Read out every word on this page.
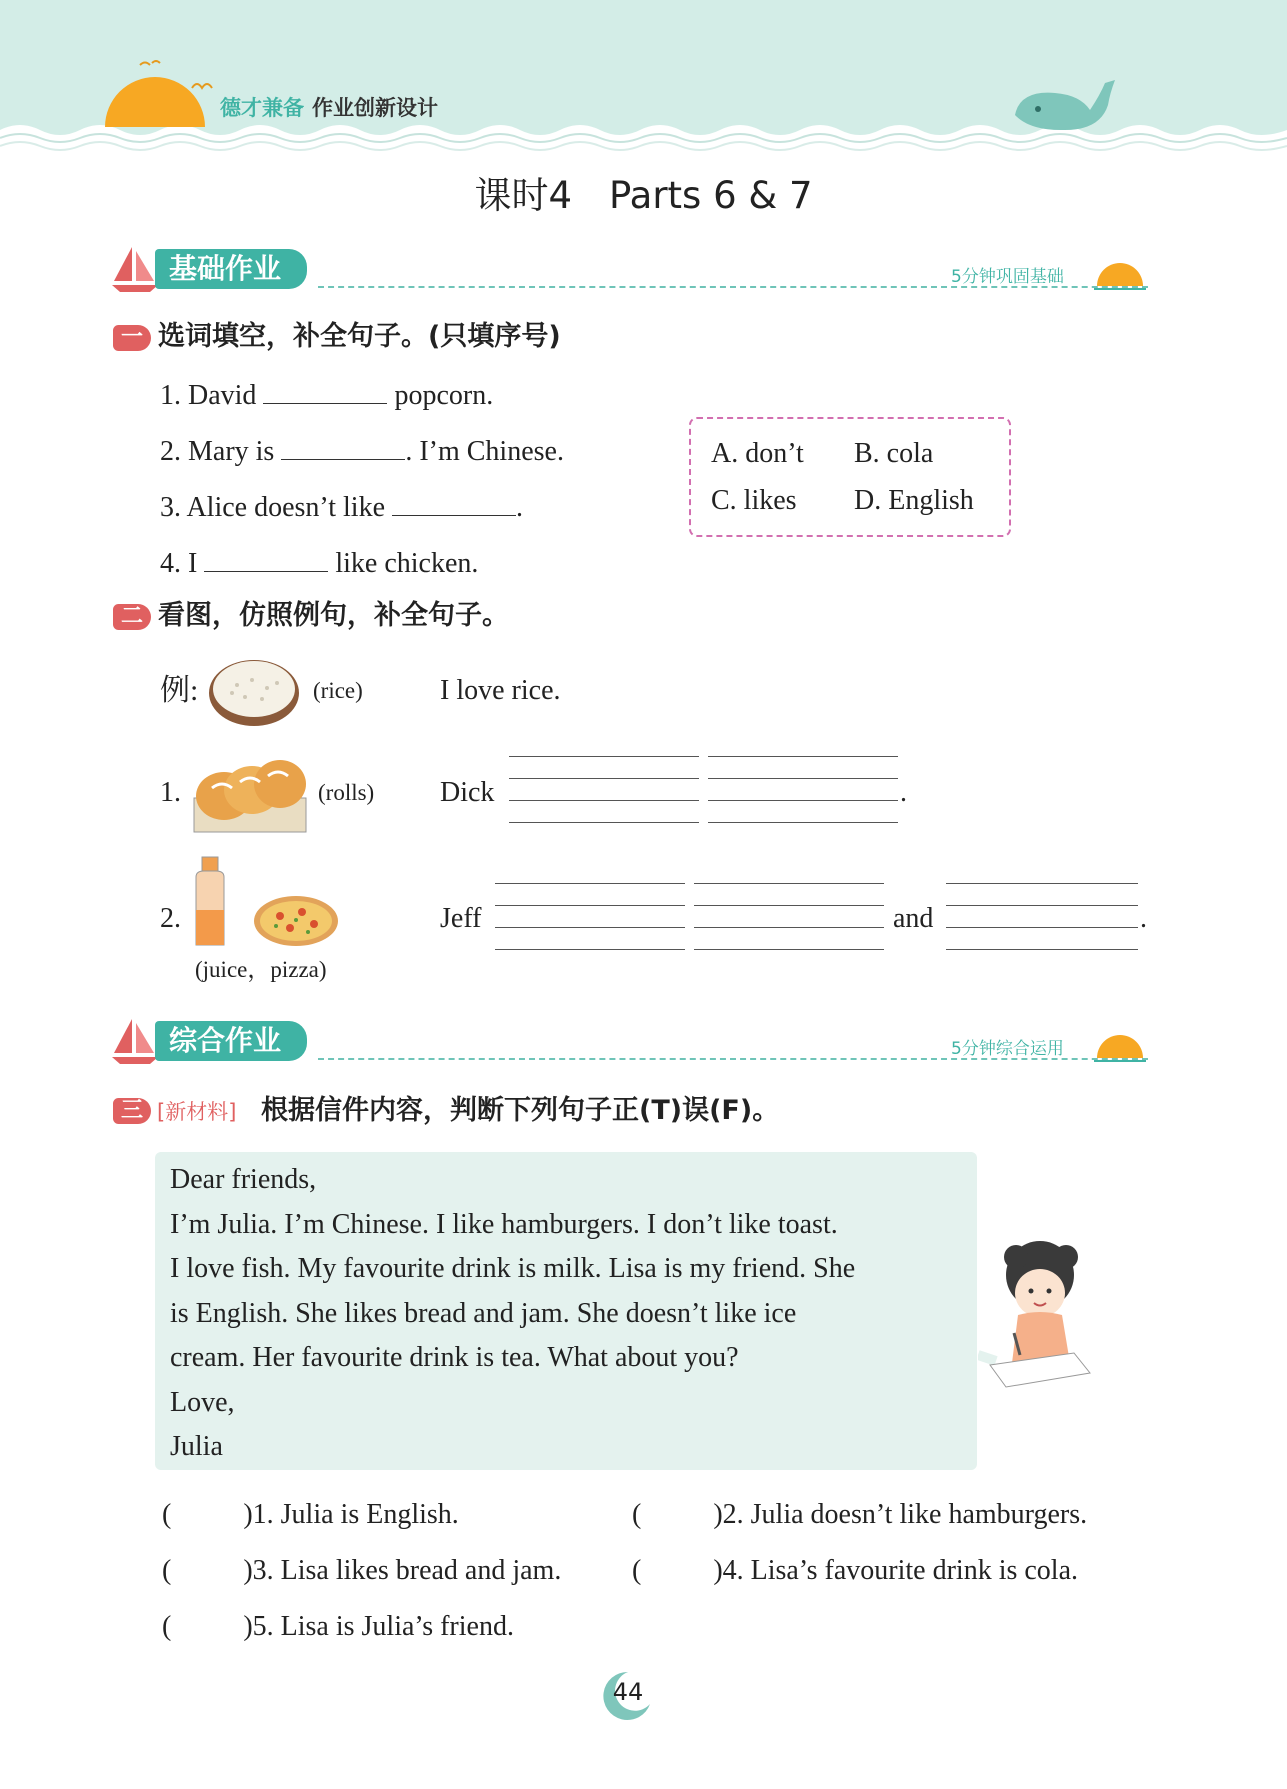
德才兼备 作业创新设计
课时4　Parts 6 & 7
基础作业	5分钟巩固基础
一 选词填空，补全句子。(只填序号)
1. David	popcorn.
2. Mary is	. I’m Chinese.
3. Alice doesn’t like	.
4. I	like chicken.
A. don’t B. cola
C. likes D. English
二 看图，仿照例句，补全句子。
例:	(rice)	I love rice.
1.	(rolls) Dick	.
2.
(juice，pizza)
Jeff	and	.
综合作业	5分钟综合运用
三 [新材料] 根据信件内容，判断下列句子正(T)误(F)。
Dear friends,
I’m Julia. I’m Chinese. I like hamburgers. I don’t like toast.
I love fish. My favourite drink is milk. Lisa is my friend. She
is English. She likes bread and jam. She doesn’t like ice
cream. Her favourite drink is tea. What about you?
Love,
Julia
(	)1. Julia is English.	(	)2. Julia doesn’t like hamburgers.
(	)3. Lisa likes bread and jam.	(	)4. Lisa’s favourite drink is cola.
(	)5. Lisa is Julia’s friend.
44
